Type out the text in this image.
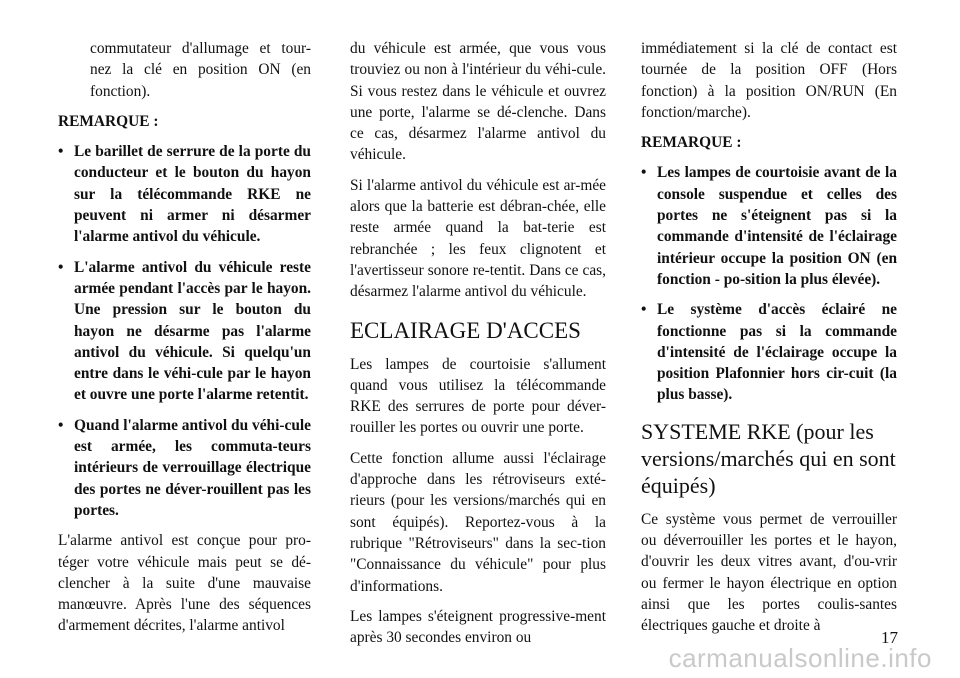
commutateur d'allumage et tour-nez la clé en position ON (en fonction).

REMARQUE :

• Le barillet de serrure de la porte du conducteur et le bouton du hayon sur la télécommande RKE ne peuvent ni armer ni désarmer l'alarme antivol du véhicule.
• L'alarme antivol du véhicule reste armée pendant l'accès par le hayon. Une pression sur le bouton du hayon ne désarme pas l'alarme antivol du véhicule. Si quelqu'un entre dans le véhi-cule par le hayon et ouvre une porte l'alarme retentit.
• Quand l'alarme antivol du véhi-cule est armée, les commuta-teurs intérieurs de verrouillage électrique des portes ne déver-rouillent pas les portes.

L'alarme antivol est conçue pour pro-téger votre véhicule mais peut se dé-clencher à la suite d'une mauvaise manœuvre. Après l'une des séquences d'armement décrites, l'alarme antivol

du véhicule est armée, que vous vous trouviez ou non à l'intérieur du véhi-cule. Si vous restez dans le véhicule et ouvrez une porte, l'alarme se dé-clenche. Dans ce cas, désarmez l'alarme antivol du véhicule.

Si l'alarme antivol du véhicule est ar-mée alors que la batterie est débran-chée, elle reste armée quand la bat-terie est rebranchée ; les feux clignotent et l'avertisseur sonore re-tentit. Dans ce cas, désarmez l'alarme antivol du véhicule.

ECLAIRAGE D'ACCES

Les lampes de courtoisie s'allument quand vous utilisez la télécommande RKE des serrures de porte pour déver-rouiller les portes ou ouvrir une porte.

Cette fonction allume aussi l'éclairage d'approche dans les rétroviseurs exté-rieurs (pour les versions/marchés qui en sont équipés). Reportez-vous à la rubrique "Rétroviseurs" dans la sec-tion "Connaissance du véhicule" pour plus d'informations.

Les lampes s'éteignent progressive-ment après 30 secondes environ ou

immédiatement si la clé de contact est tournée de la position OFF (Hors fonction) à la position ON/RUN (En fonction/marche).

REMARQUE :

• Les lampes de courtoisie avant de la console suspendue et celles des portes ne s'éteignent pas si la commande d'intensité de l'éclairage intérieur occupe la position ON (en fonction - po-sition la plus élevée).
• Le système d'accès éclairé ne fonctionne pas si la commande d'intensité de l'éclairage occupe la position Plafonnier hors cir-cuit (la plus basse).
SYSTEME RKE (pour les versions/marchés qui en sont équipés)

Ce système vous permet de verrouiller ou déverrouiller les portes et le hayon, d'ouvrir les deux vitres avant, d'ou-vrir ou fermer le hayon électrique en option ainsi que les portes coulis-santes électriques gauche et droite à

17
carmanualsonline.info
